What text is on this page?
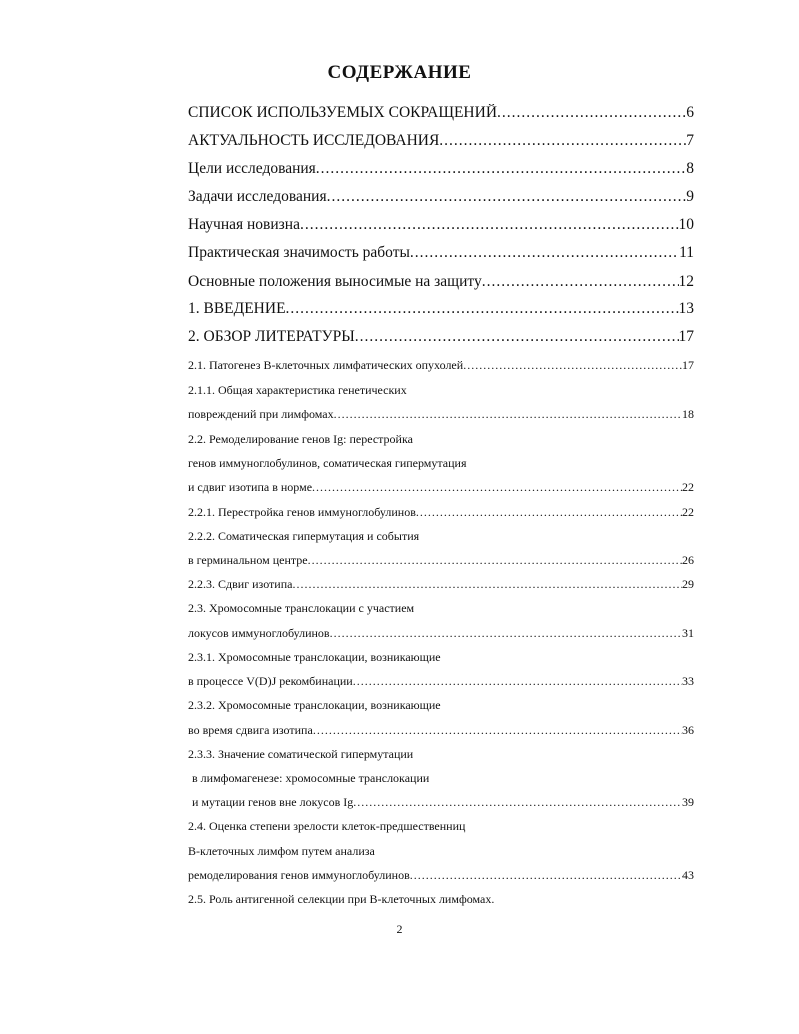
СОДЕРЖАНИЕ
СПИСОК ИСПОЛЬЗУЕМЫХ СОКРАЩЕНИЙ .....	6
АКТУАЛЬНОСТЬ ИССЛЕДОВАНИЯ .....	7
Цели исследования .....	8
Задачи исследования .....	9
Научная новизна .....	10
Практическая значимость работы .....	11
Основные положения выносимые на защиту .....	12
1. ВВЕДЕНИЕ .....	13
2. ОБЗОР ЛИТЕРАТУРЫ .....	17
2.1. Патогенез В-клеточных лимфатических опухолей .....	17
2.1.1. Общая характеристика генетических
повреждений при лимфомах .....	18
2.2. Ремоделирование генов Ig: перестройка
генов иммуноглобулинов, соматическая гипермутация
и сдвиг изотипа в норме .....	22
2.2.1. Перестройка генов иммуноглобулинов .....	22
2.2.2. Соматическая гипермутация и события
в герминальном центре .....	26
2.2.3. Сдвиг изотипа .....	29
2.3. Хромосомные транслокации с участием
локусов иммуноглобулинов .....	31
2.3.1. Хромосомные транслокации, возникающие
в процессе V(D)J рекомбинации .....	33
2.3.2. Хромосомные транслокации, возникающие
во время сдвига изотипа .....	36
2.3.3. Значение соматической гипермутации
в лимфомагенезе: хромосомные транслокации
и мутации генов вне локусов Ig .....	39
2.4. Оценка степени зрелости клеток-предшественниц
В-клеточных лимфом путем анализа
ремоделирования генов иммуноглобулинов .....	43
2.5. Роль антигенной селекции при В-клеточных лимфомах.
2
